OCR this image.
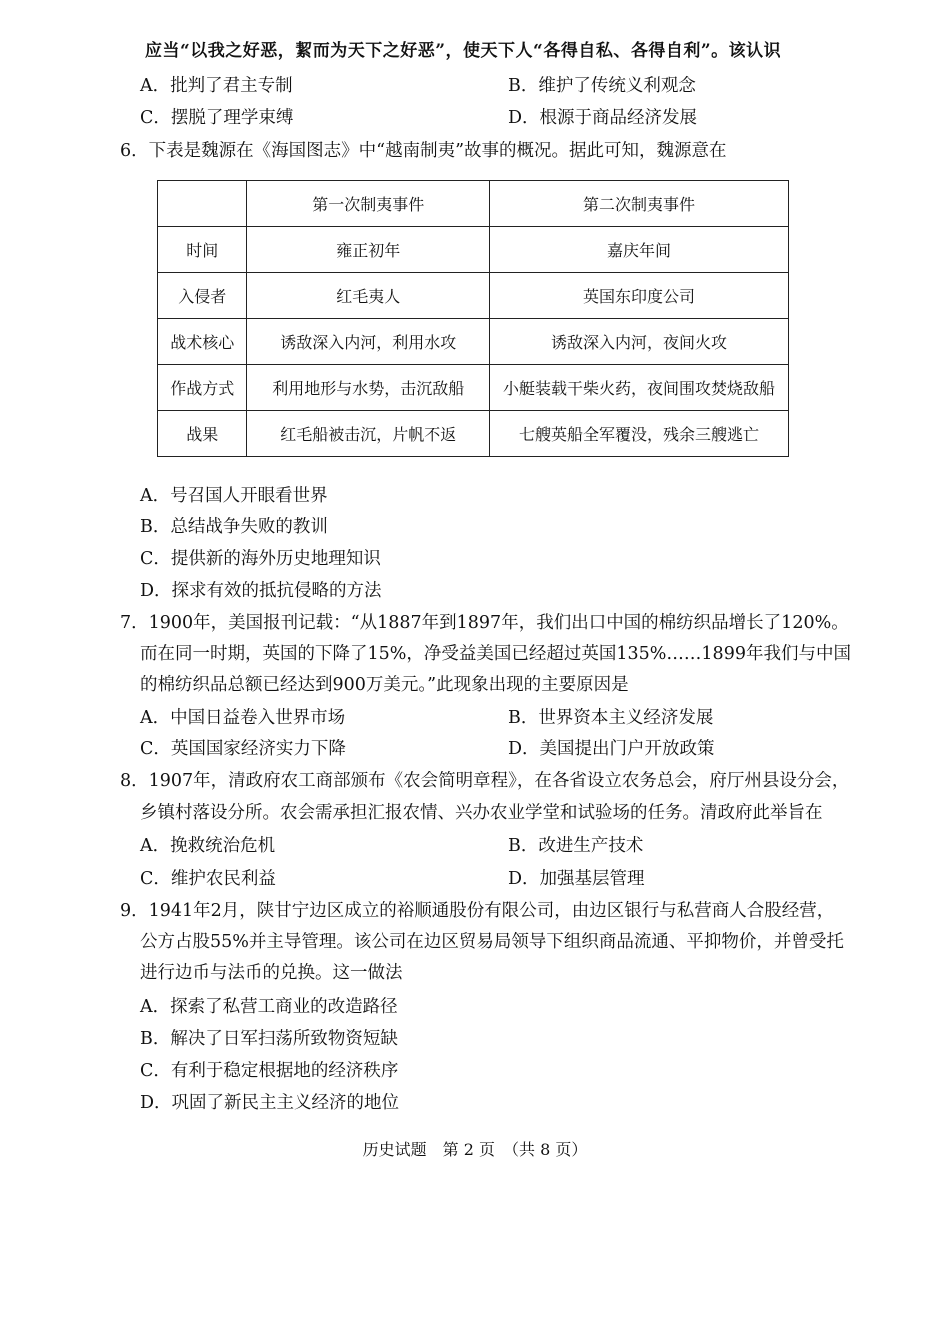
应当“以我之好恶，絜而为天下之好恶”，使天下人“各得自私、各得自利”。该认识
A．批判了君主专制	B．维护了传统义利观念
C．摆脱了理学束缚	D．根源于商品经济发展
6．下表是魏源在《海国图志》中“越南制夷”故事的概况。据此可知，魏源意在
	第一次制夷事件	第二次制夷事件
时间	雍正初年	嘉庆年间
入侵者	红毛夷人	英国东印度公司
战术核心	诱敌深入内河，利用水攻	诱敌深入内河，夜间火攻
作战方式	利用地形与水势，击沉敌船	小艇装载干柴火药，夜间围攻焚烧敌船
战果	红毛船被击沉，片帆不返	七艘英船全军覆没，残余三艘逃亡
A．号召国人开眼看世界
B．总结战争失败的教训
C．提供新的海外历史地理知识
D．探求有效的抵抗侵略的方法
7．1900年，美国报刊记载：“从1887年到1897年，我们出口中国的棉纺织品增长了120%。
而在同一时期，英国的下降了15%，净受益美国已经超过英国135%……1899年我们与中国
的棉纺织品总额已经达到900万美元。”此现象出现的主要原因是
A．中国日益卷入世界市场	B．世界资本主义经济发展
C．英国国家经济实力下降	D．美国提出门户开放政策
8．1907年，清政府农工商部颁布《农会简明章程》，在各省设立农务总会，府厅州县设分会，
乡镇村落设分所。农会需承担汇报农情、兴办农业学堂和试验场的任务。清政府此举旨在
A．挽救统治危机	B．改进生产技术
C．维护农民利益	D．加强基层管理
9．1941年2月，陕甘宁边区成立的裕顺通股份有限公司，由边区银行与私营商人合股经营，
公方占股55%并主导管理。该公司在边区贸易局领导下组织商品流通、平抑物价，并曾受托
进行边币与法币的兑换。这一做法
A．探索了私营工商业的改造路径
B．解决了日军扫荡所致物资短缺
C．有利于稳定根据地的经济秩序
D．巩固了新民主主义经济的地位
历史试题　第 2 页　（共 8 页）
